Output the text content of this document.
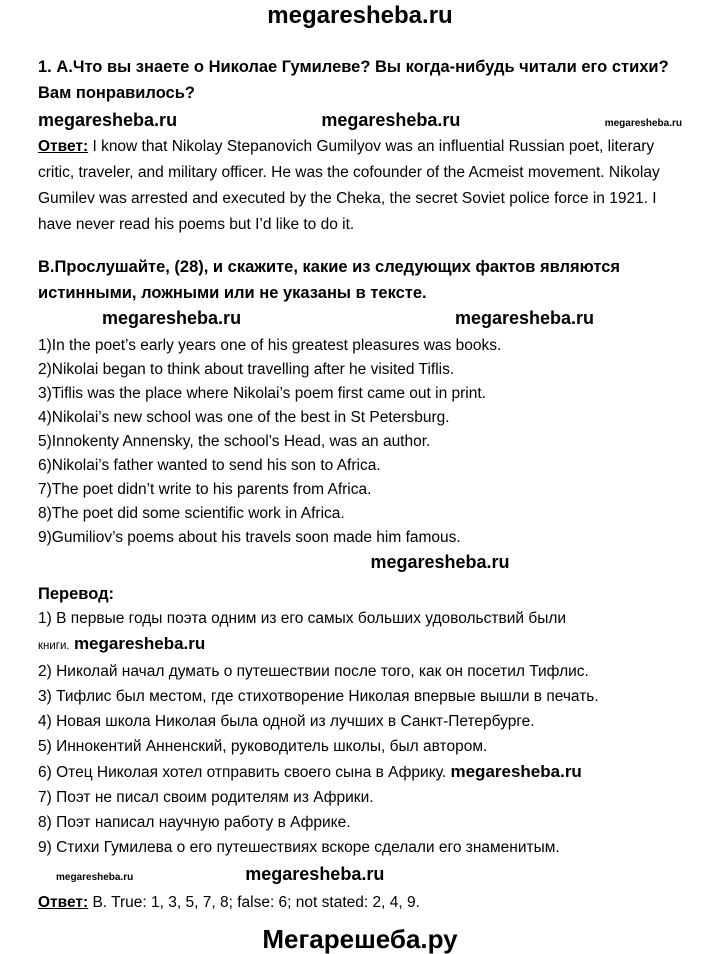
megaresheba.ru

1. А.Что вы знаете о Николае Гумилеве? Вы когда-нибудь читали его стихи? Вам понравилось?

megaresheba.ru	megaresheba.ru	megaresheba.ru

Ответ: I know that Nikolay Stepanovich Gumilyov was an influential Russian poet, literary critic, traveler, and military officer. He was the cofounder of the Acmeist movement. Nikolay Gumilev was arrested and executed by the Cheka, the secret Soviet police force in 1921. I have never read his poems but I’d like to do it.

В.Прослушайте, (28), и скажите, какие из следующих фактов являются истинными, ложными или не указаны в тексте.

megaresheba.ru	megaresheba.ru

1)In the poet’s early years one of his greatest pleasures was books.

2)Nikolai began to think about travelling after he visited Tiflis.

3)Tiflis was the place where Nikolai’s poem first came out in print.

4)Nikolai’s new school was one of the best in St Petersburg.

5)Innokenty Annensky, the school’s Head, was an author.

6)Nikolai’s father wanted to send his son to Africa.

7)The poet didn’t write to his parents from Africa.

8)The poet did some scientific work in Africa.

9)Gumiliov’s poems about his travels soon made him famous.

megaresheba.ru

Перевод:

1) В первые годы поэта одним из его самых больших удовольствий были
книги. megaresheba.ru

2) Николай начал думать о путешествии после того, как он посетил Тифлис.

3) Тифлис был местом, где стихотворение Николая впервые вышли в печать.

4) Новая школа Николая была одной из лучших в Санкт-Петербурге.

5) Иннокентий Анненский, руководитель школы, был автором.

6) Отец Николая хотел отправить своего сына в Африку. megaresheba.ru

7) Поэт не писал своим родителям из Африки.

8) Поэт написал научную работу в Африке.

9) Стихи Гумилева о его путешествиях вскоре сделали его знаменитым.

megaresheba.ru	megaresheba.ru

Ответ: B. True: 1, 3, 5, 7, 8; false: 6; not stated: 2, 4, 9.

Мегарешеба.ру
